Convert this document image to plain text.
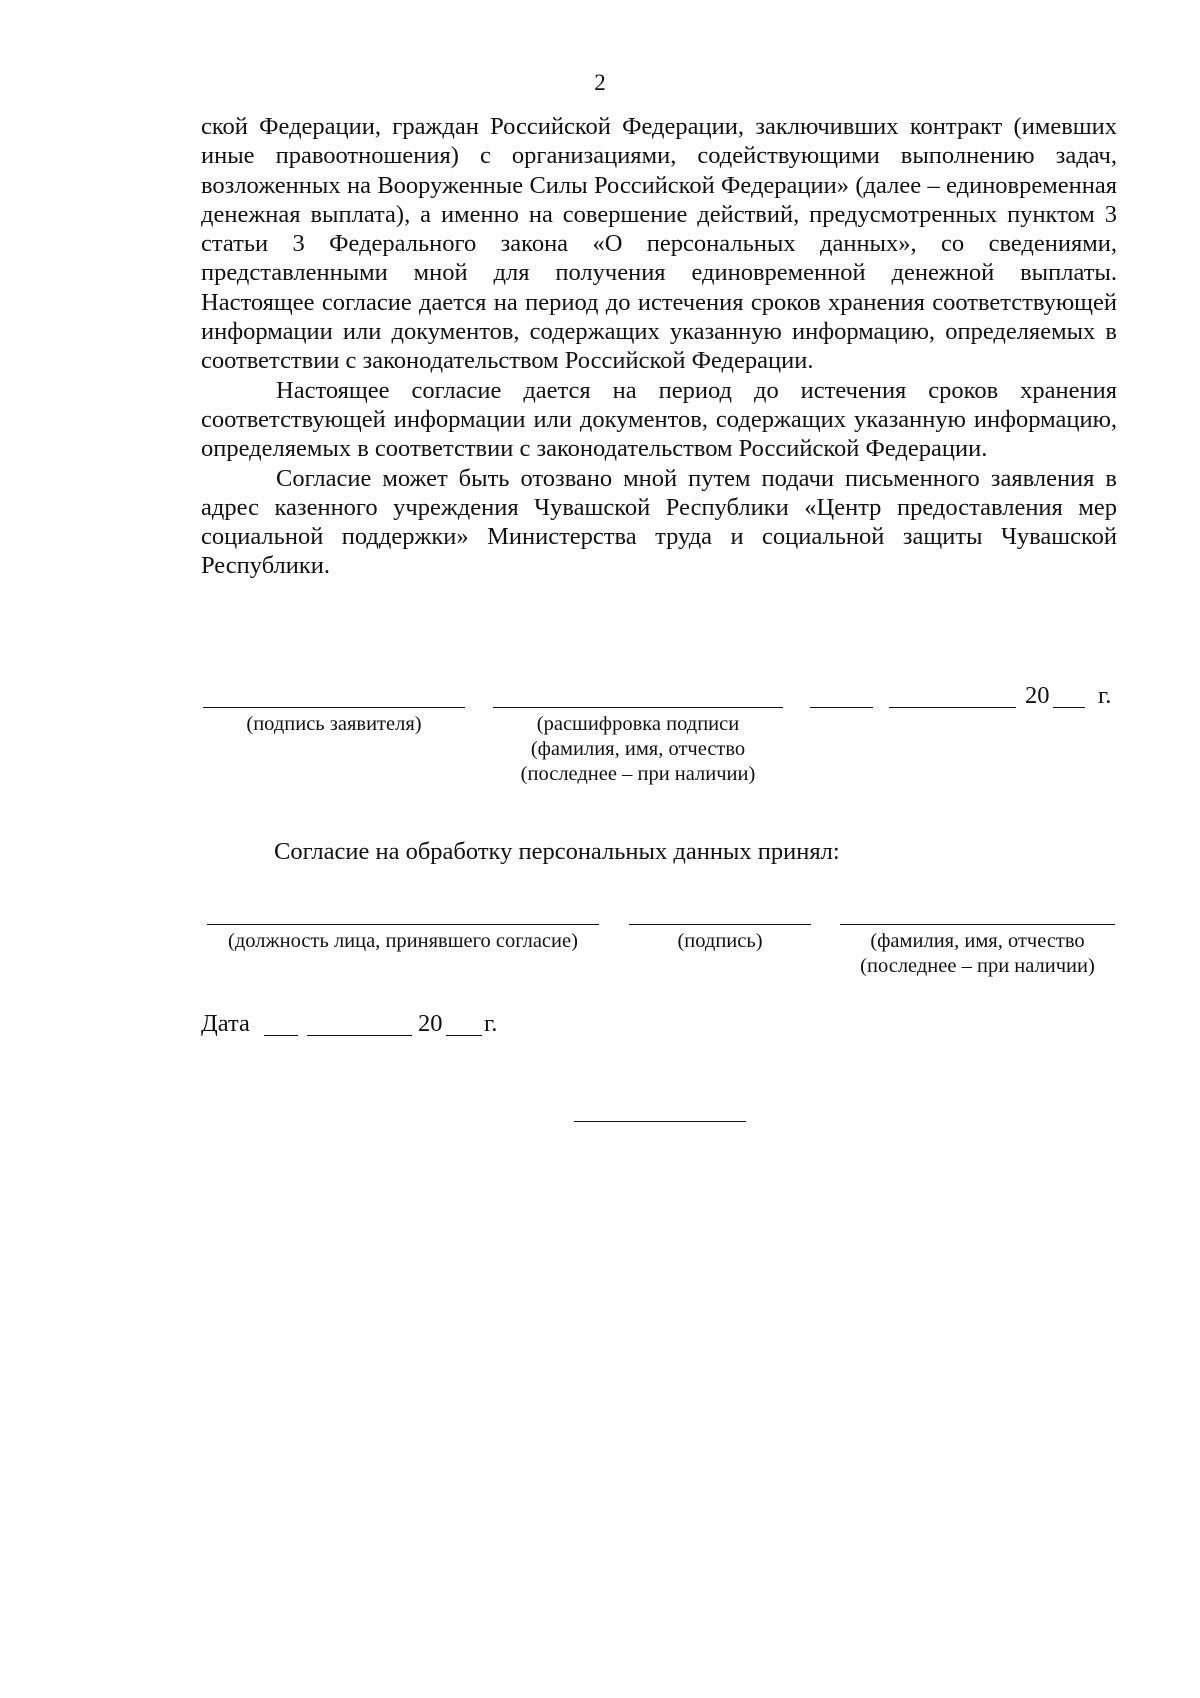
2

ской Федерации, граждан Российской Федерации, заключивших контракт (имевших иные правоотношения) с организациями, содействующими выполнению задач, возложенных на Вооруженные Силы Российской Федерации» (далее – единовременная денежная выплата), а именно на совершение действий, предусмотренных пунктом 3 статьи 3 Федерального закона «О персональных данных», со сведениями, представленными мной для получения единовременной денежной выплаты. Настоящее согласие дается на период до истечения сроков хранения соответствующей информации или документов, содержащих указанную информацию, определяемых в соответствии с законодательством Российской Федерации.

Настоящее согласие дается на период до истечения сроков хранения соответствующей информации или документов, содержащих указанную информацию, определяемых в соответствии с законодательством Российской Федерации.

Согласие может быть отозвано мной путем подачи письменного заявления в адрес казенного учреждения Чувашской Республики «Центр предоставления мер социальной поддержки» Министерства труда и социальной защиты Чувашской Республики.

20 г.
(подпись заявителя)	(расшифровка подписи
(фамилия, имя, отчество
(последнее – при наличии)
Согласие на обработку персональных данных принял:
(должность лица, принявшего согласие)	(подпись)	(фамилия, имя, отчество
(последнее – при наличии)
Дата	20 г.
